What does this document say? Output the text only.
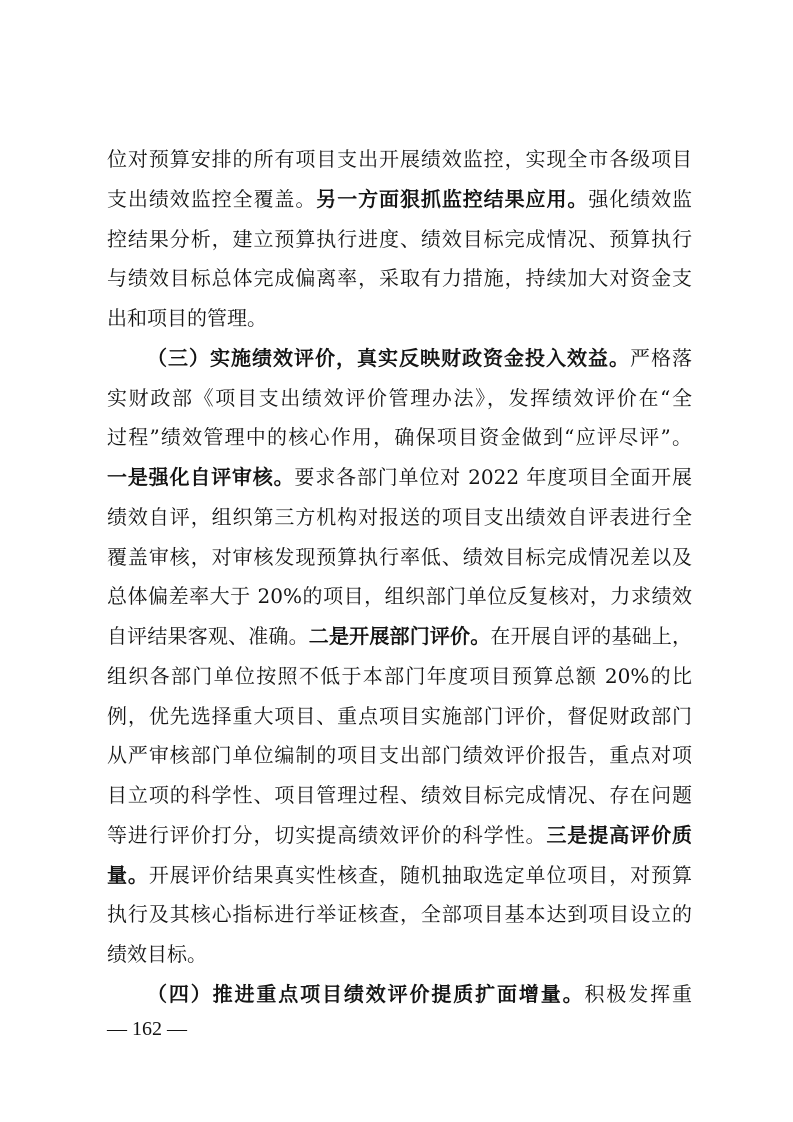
位对预算安排的所有项目支出开展绩效监控，实现全市各级项目
支出绩效监控全覆盖。另一方面狠抓监控结果应用。强化绩效监
控结果分析，建立预算执行进度、绩效目标完成情况、预算执行
与绩效目标总体完成偏离率，采取有力措施，持续加大对资金支
出和项目的管理。
（三）实施绩效评价，真实反映财政资金投入效益。严格落
实财政部《项目支出绩效评价管理办法》，发挥绩效评价在“全
过程”绩效管理中的核心作用，确保项目资金做到“应评尽评”。
一是强化自评审核。要求各部门单位对 2022 年度项目全面开展
绩效自评，组织第三方机构对报送的项目支出绩效自评表进行全
覆盖审核，对审核发现预算执行率低、绩效目标完成情况差以及
总体偏差率大于 20%的项目，组织部门单位反复核对，力求绩效
自评结果客观、准确。二是开展部门评价。在开展自评的基础上，
组织各部门单位按照不低于本部门年度项目预算总额 20%的比
例，优先选择重大项目、重点项目实施部门评价，督促财政部门
从严审核部门单位编制的项目支出部门绩效评价报告，重点对项
目立项的科学性、项目管理过程、绩效目标完成情况、存在问题
等进行评价打分，切实提高绩效评价的科学性。三是提高评价质
量。开展评价结果真实性核查，随机抽取选定单位项目，对预算
执行及其核心指标进行举证核查，全部项目基本达到项目设立的
绩效目标。
（四）推进重点项目绩效评价提质扩面增量。积极发挥重
— 162 —
